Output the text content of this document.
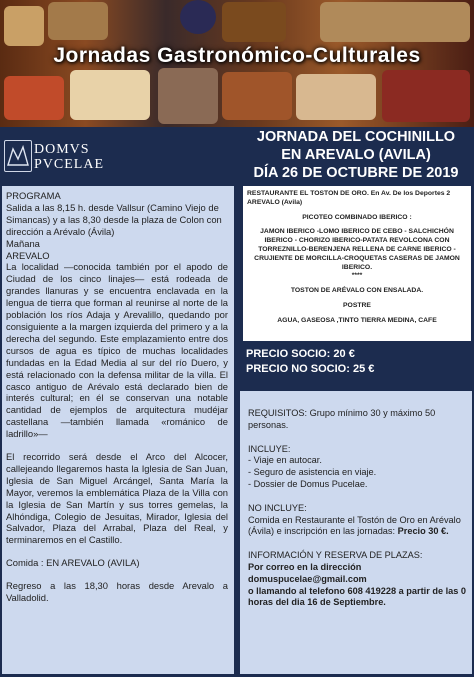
Jornadas Gastronómico-Culturales
DOMVS
PVCELAE
JORNADA DEL COCHINILLO
EN AREVALO (AVILA)
DÍA 26 DE OCTUBRE DE 2019

PROGRAMA

Salida a las 8,15 h. desde Vallsur (Camino Viejo de Simancas) y a las 8,30 desde la plaza de Colon con dirección a Arévalo (Ávila)

Mañana

AREVALO

La localidad —conocida también por el apodo de Ciudad de los cinco linajes— está rodeada de grandes llanuras y se encuentra enclavada en la lengua de tierra que forman al reunirse al norte de la población los ríos Adaja y Arevalillo, quedando por consiguiente a la margen izquierda del primero y a la derecha del segundo. Este emplazamiento entre dos cursos de agua es típico de muchas localidades fundadas en la Edad Media al sur del río Duero, y está relacionado con la defensa militar de la villa. El casco antiguo de Arévalo está declarado bien de interés cultural; en él se conservan una notable cantidad de ejemplos de arquitectura mudéjar castellana —también llamada «románico de ladrillo»—

El recorrido será desde el Arco del Alcocer, callejeando llegaremos hasta la Iglesia de San Juan, Iglesia de San Miguel Arcángel, Santa María la Mayor, veremos la emblemática Plaza de la Villa con la Iglesia de San Martín y sus torres gemelas, la Alhóndiga, Colegio de Jesuitas, Mirador, Iglesia del Salvador, Plaza del Arrabal, Plaza del Real, y terminaremos en el Castillo.

Comida : EN AREVALO (AVILA)

Regreso a las 18,30 horas desde Arevalo a Valladolid.

RESTAURANTE EL TOSTON DE ORO. En Av. De los Deportes 2 AREVALO (Avila)

PICOTEO COMBINADO IBERICO :

JAMON IBERICO -LOMO IBERICO DE CEBO - SALCHICHÓN IBERICO - CHORIZO IBERICO-PATATA REVOLCONA CON TORREZNILLO-BERENJENA RELLENA DE CARNE IBERICO - CRUJIENTE DE MORCILLA-CROQUETAS CASERAS DE JAMON IBERICO.

****

TOSTON DE ARÉVALO CON ENSALADA.

POSTRE

AGUA, GASEOSA ,TINTO TIERRA MEDINA, CAFE

PRECIO SOCIO: 20 €
PRECIO NO SOCIO: 25 €

REQUISITOS: Grupo mínimo 30 y máximo 50 personas.

INCLUYE:

- Viaje en autocar.

- Seguro de asistencia en viaje.

- Dossier de Domus Pucelae.

NO INCLUYE:

Comida en Restaurante el Tostón de Oro en Arévalo (Ávila) e inscripción en las jornadas: Precio 30 €.

INFORMACIÓN Y RESERVA DE PLAZAS:

Por correo en la dirección

domuspucelae@gmail.com

o llamando al telefono 608 419228 a partir de las 0 horas del dia 16 de Septiembre.
